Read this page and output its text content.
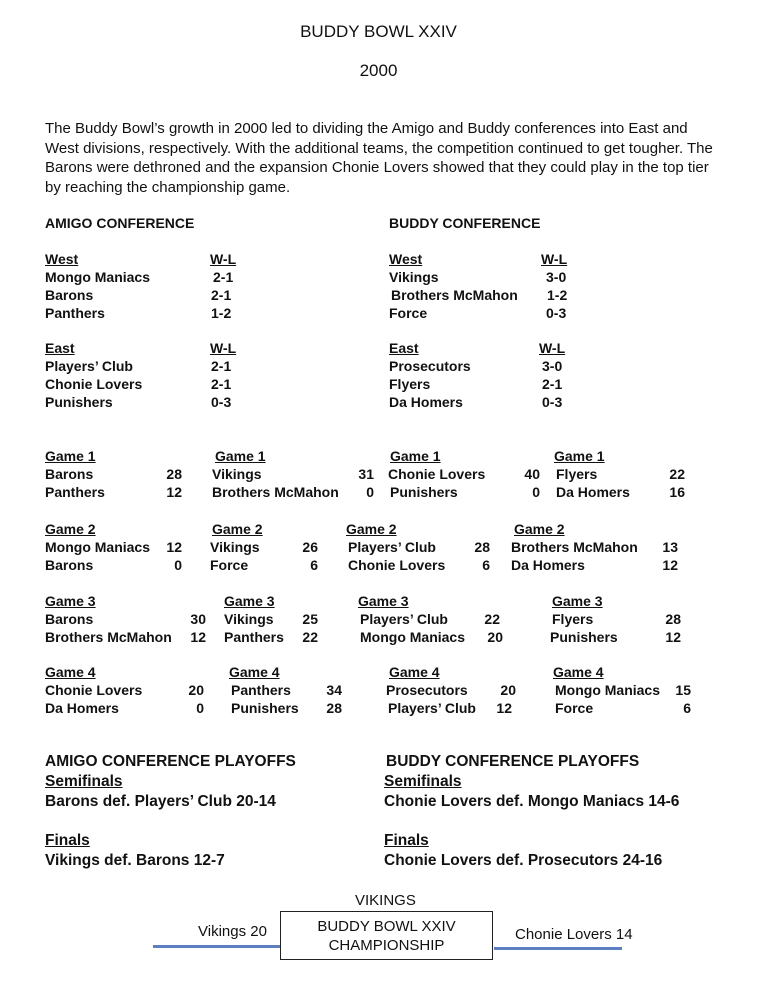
BUDDY BOWL XXIV
2000
The Buddy Bowl’s growth in 2000 led to dividing the Amigo and Buddy conferences into East and West divisions, respectively. With the additional teams, the competition continued to get tougher. The Barons were dethroned and the expansion Chonie Lovers showed that they could play in the top tier by reaching the championship game.
AMIGO CONFERENCE	BUDDY CONFERENCE
West	W-L
Mongo Maniacs	2-1
Barons	2-1
Panthers	1-2
East	W-L
Players’ Club	2-1
Chonie Lovers	2-1
Punishers	0-3
West	W-L
Vikings	3-0
Brothers McMahon 1-2
Force	0-3
East	W-L
Prosecutors	3-0
Flyers	2-1
Da Homers	0-3
Game 1
Barons	28
Panthers	12
Game 1
Vikings	31
Brothers McMahon	0
Game 1
Chonie Lovers	40
Punishers	0
Game 1
Flyers	22
Da Homers	16
Game 2
Mongo Maniacs	12
Barons	0
Game 2
Vikings	26
Force	6
Game 2
Players’ Club	28
Chonie Lovers	6
Game 2
Brothers McMahon	13
Da Homers	12
Game 3
Barons	30
Brothers McMahon	12
Game 3
Vikings	25
Panthers	22
Game 3
Players’ Club	22
Mongo Maniacs	20
Game 3
Flyers	28
Punishers	12
Game 4
Chonie Lovers	20
Da Homers	0
Game 4
Panthers	34
Punishers	28
Game 4
Prosecutors	20
Players’ Club	12
Game 4
Mongo Maniacs	15
Force	6
AMIGO CONFERENCE PLAYOFFS
Semifinals
Barons def. Players’ Club 20-14
Finals
Vikings def. Barons 12-7
BUDDY CONFERENCE PLAYOFFS
Semifinals
Chonie Lovers def. Mongo Maniacs 14-6
Finals
Chonie Lovers def. Prosecutors 24-16
VIKINGS
Vikings 20	Chonie Lovers 14
BUDDY BOWL XXIV
CHAMPIONSHIP
